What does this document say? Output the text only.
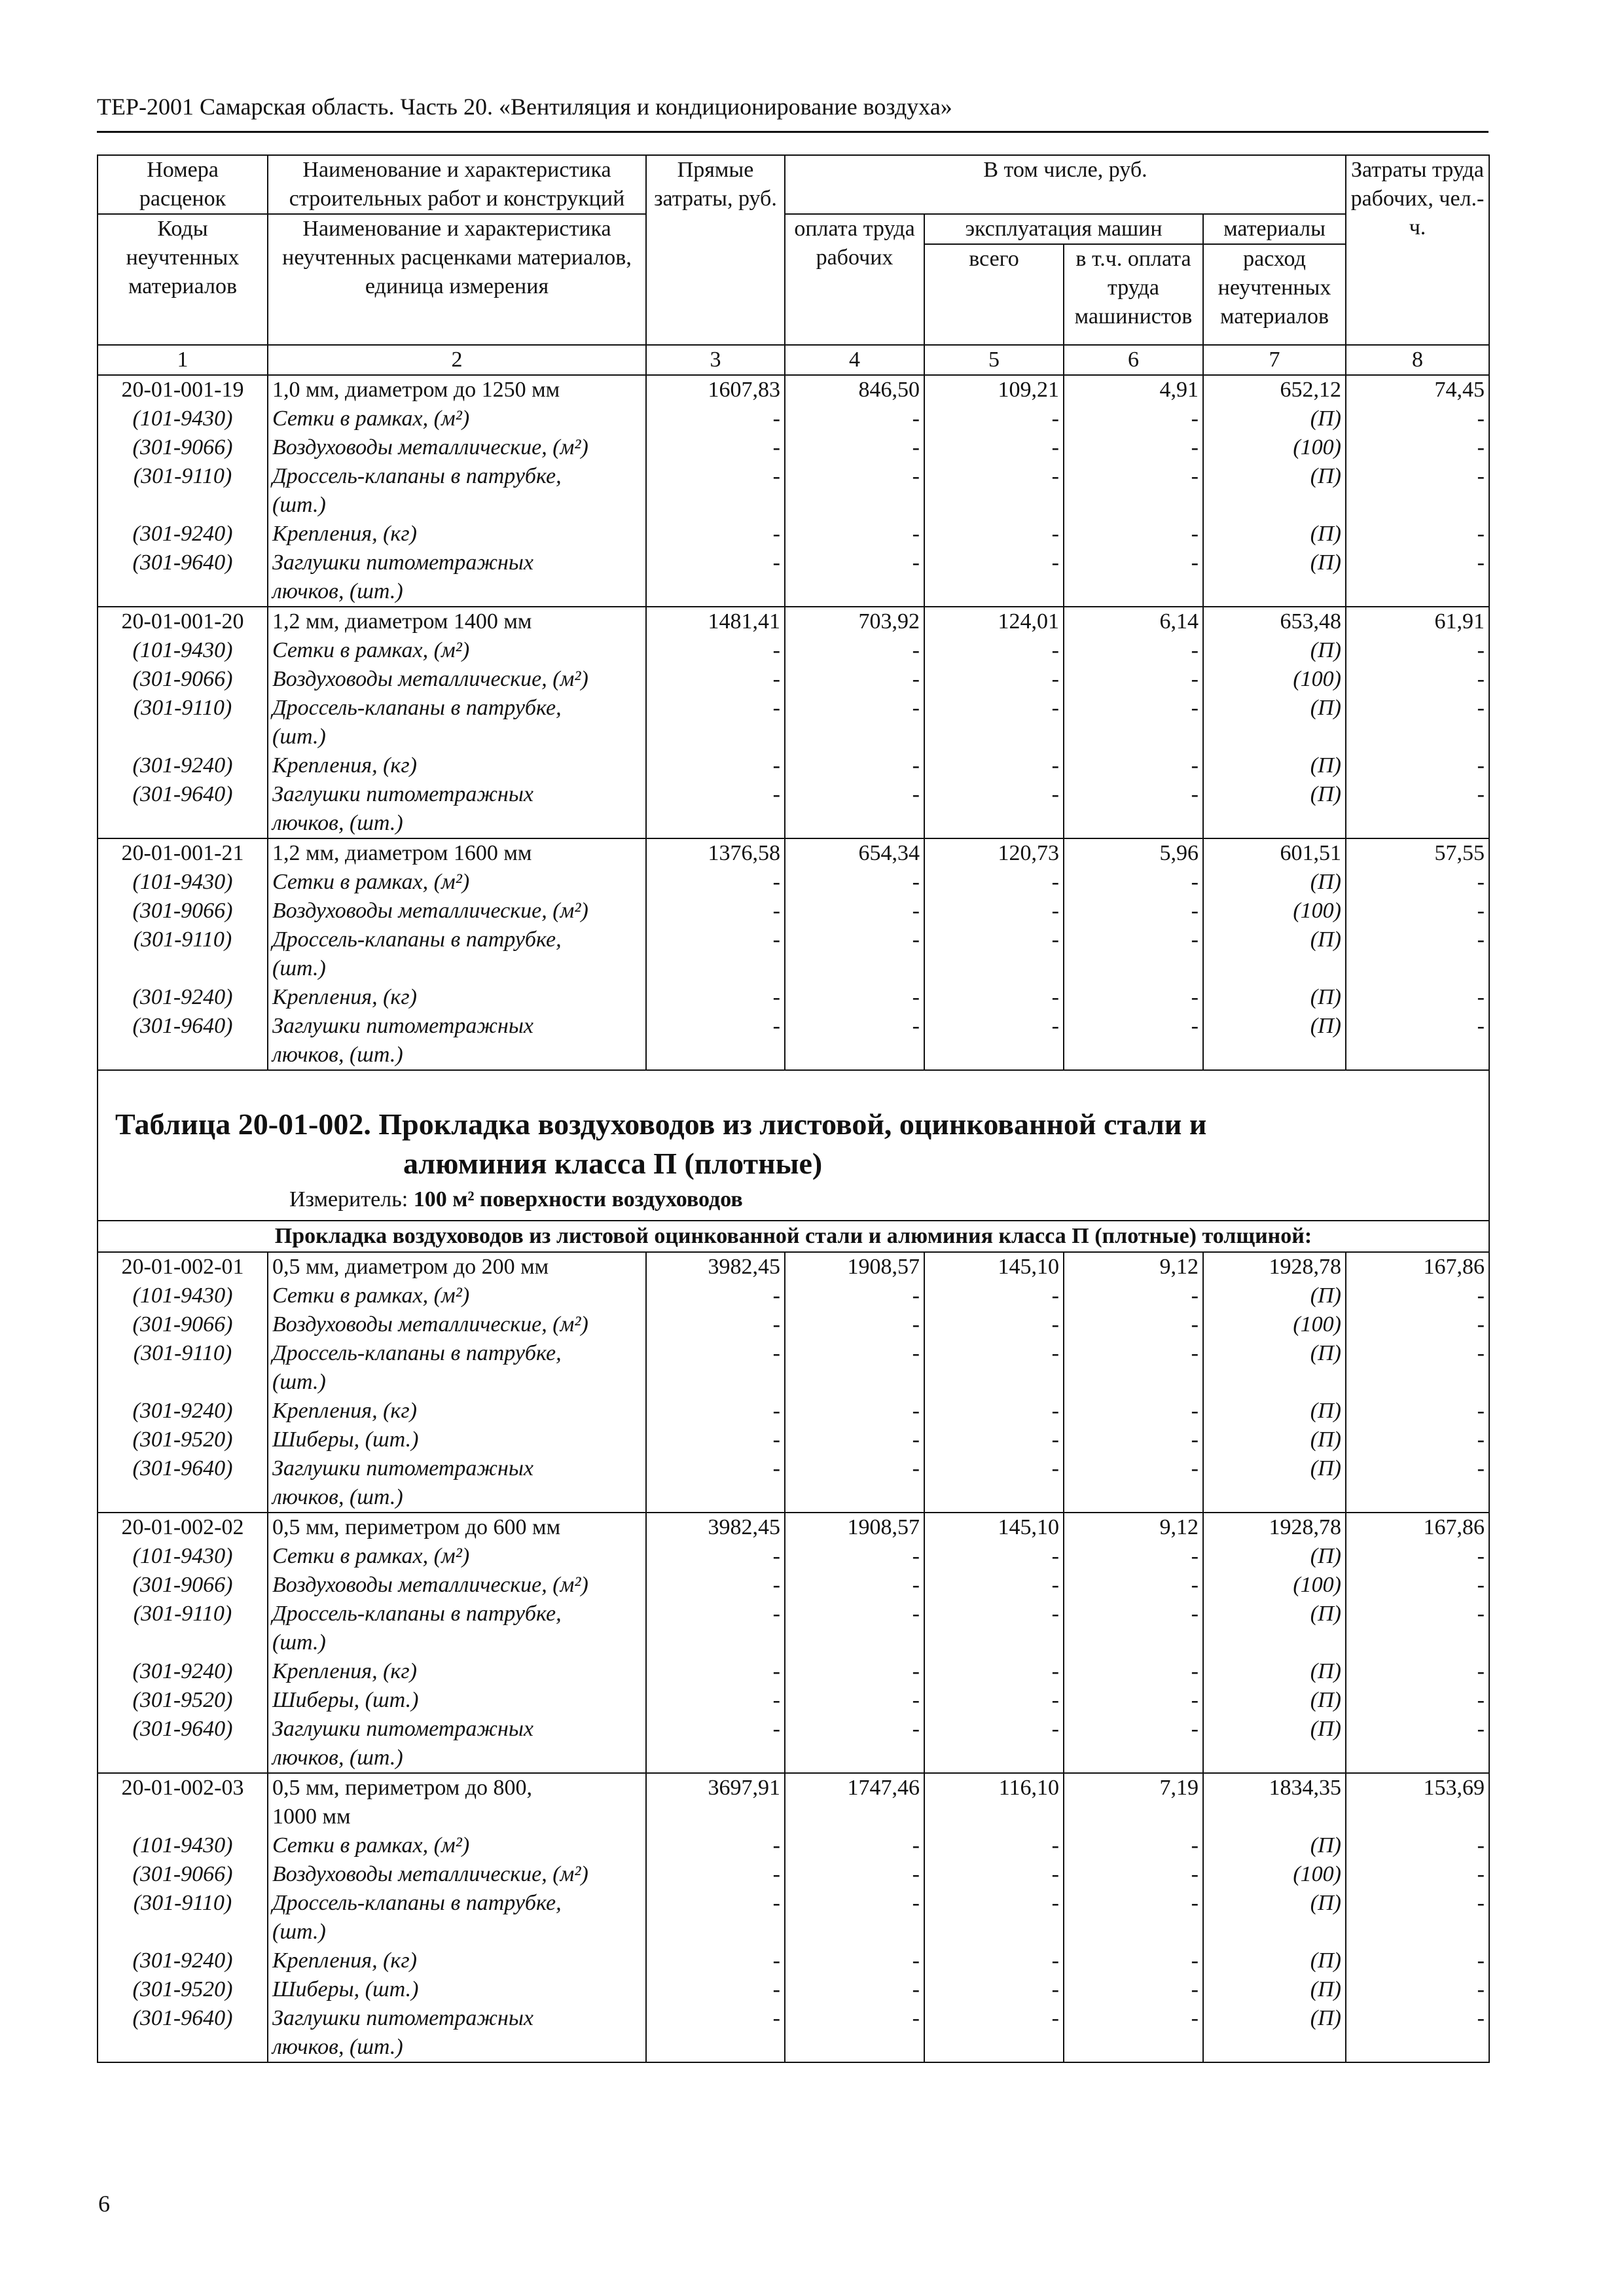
ТЕР-2001 Самарская область. Часть 20. «Вентиляция и кондиционирование воздуха»
Номера расценок	Наименование и характеристика строительных работ и конструкций	Прямые затраты, руб.	В том числе, руб.				Затраты труда рабочих, чел.-ч.
Коды неучтенных материалов	Наименование и характеристика неучтенных расценками материалов, единица измерения		оплата труда рабочих	эксплуатация машин		материалы	
				всего	в т.ч. оплата труда машинистов	расход неучтенных материалов	
1	2	3	4	5	6	7	8
20-01-001-19	1,0 мм, диаметром до 1250 мм	1607,83	846,50	109,21	4,91	652,12	74,45
(101-9430)	Сетки в рамках, (м²)	-	-	-	-	(П)	-
(301-9066)	Воздуховоды металлические, (м²)	-	-	-	-	(100)	-
(301-9110)	Дроссель-клапаны в патрубке,	-	-	-	-	(П)	-
	(шт.)						
(301-9240)	Крепления, (кг)	-	-	-	-	(П)	-
(301-9640)	Заглушки питометражных	-	-	-	-	(П)	-
	лючков, (шт.)						
20-01-001-20	1,2 мм, диаметром 1400 мм	1481,41	703,92	124,01	6,14	653,48	61,91
(101-9430)	Сетки в рамках, (м²)	-	-	-	-	(П)	-
(301-9066)	Воздуховоды металлические, (м²)	-	-	-	-	(100)	-
(301-9110)	Дроссель-клапаны в патрубке,	-	-	-	-	(П)	-
	(шт.)						
(301-9240)	Крепления, (кг)	-	-	-	-	(П)	-
(301-9640)	Заглушки питометражных	-	-	-	-	(П)	-
	лючков, (шт.)						
20-01-001-21	1,2 мм, диаметром 1600 мм	1376,58	654,34	120,73	5,96	601,51	57,55
(101-9430)	Сетки в рамках, (м²)	-	-	-	-	(П)	-
(301-9066)	Воздуховоды металлические, (м²)	-	-	-	-	(100)	-
(301-9110)	Дроссель-клапаны в патрубке,	-	-	-	-	(П)	-
	(шт.)						
(301-9240)	Крепления, (кг)	-	-	-	-	(П)	-
(301-9640)	Заглушки питометражных	-	-	-	-	(П)	-
	лючков, (шт.)						

Таблица 20-01-002. Прокладка воздуховодов из листовой, оцинкованной стали и
алюминия класса П (плотные)
Измеритель: 100 м² поверхности воздуховодов							

Прокладка воздуховодов из листовой оцинкованной стали и алюминия класса П (плотные) толщиной:							
20-01-002-01	0,5 мм, диаметром до 200 мм	3982,45	1908,57	145,10	9,12	1928,78	167,86
(101-9430)	Сетки в рамках, (м²)	-	-	-	-	(П)	-
(301-9066)	Воздуховоды металлические, (м²)	-	-	-	-	(100)	-
(301-9110)	Дроссель-клапаны в патрубке,	-	-	-	-	(П)	-
	(шт.)						
(301-9240)	Крепления, (кг)	-	-	-	-	(П)	-
(301-9520)	Шиберы, (шт.)	-	-	-	-	(П)	-
(301-9640)	Заглушки питометражных	-	-	-	-	(П)	-
	лючков, (шт.)						
20-01-002-02	0,5 мм, периметром до 600 мм	3982,45	1908,57	145,10	9,12	1928,78	167,86
(101-9430)	Сетки в рамках, (м²)	-	-	-	-	(П)	-
(301-9066)	Воздуховоды металлические, (м²)	-	-	-	-	(100)	-
(301-9110)	Дроссель-клапаны в патрубке,	-	-	-	-	(П)	-
	(шт.)						
(301-9240)	Крепления, (кг)	-	-	-	-	(П)	-
(301-9520)	Шиберы, (шт.)	-	-	-	-	(П)	-
(301-9640)	Заглушки питометражных	-	-	-	-	(П)	-
	лючков, (шт.)						
20-01-002-03	0,5 мм, периметром до 800,	3697,91	1747,46	116,10	7,19	1834,35	153,69
	1000 мм						
(101-9430)	Сетки в рамках, (м²)	-	-	-	-	(П)	-
(301-9066)	Воздуховоды металлические, (м²)	-	-	-	-	(100)	-
(301-9110)	Дроссель-клапаны в патрубке,	-	-	-	-	(П)	-
	(шт.)						
(301-9240)	Крепления, (кг)	-	-	-	-	(П)	-
(301-9520)	Шиберы, (шт.)	-	-	-	-	(П)	-
(301-9640)	Заглушки питометражных	-	-	-	-	(П)	-
	лючков, (шт.)						
6
